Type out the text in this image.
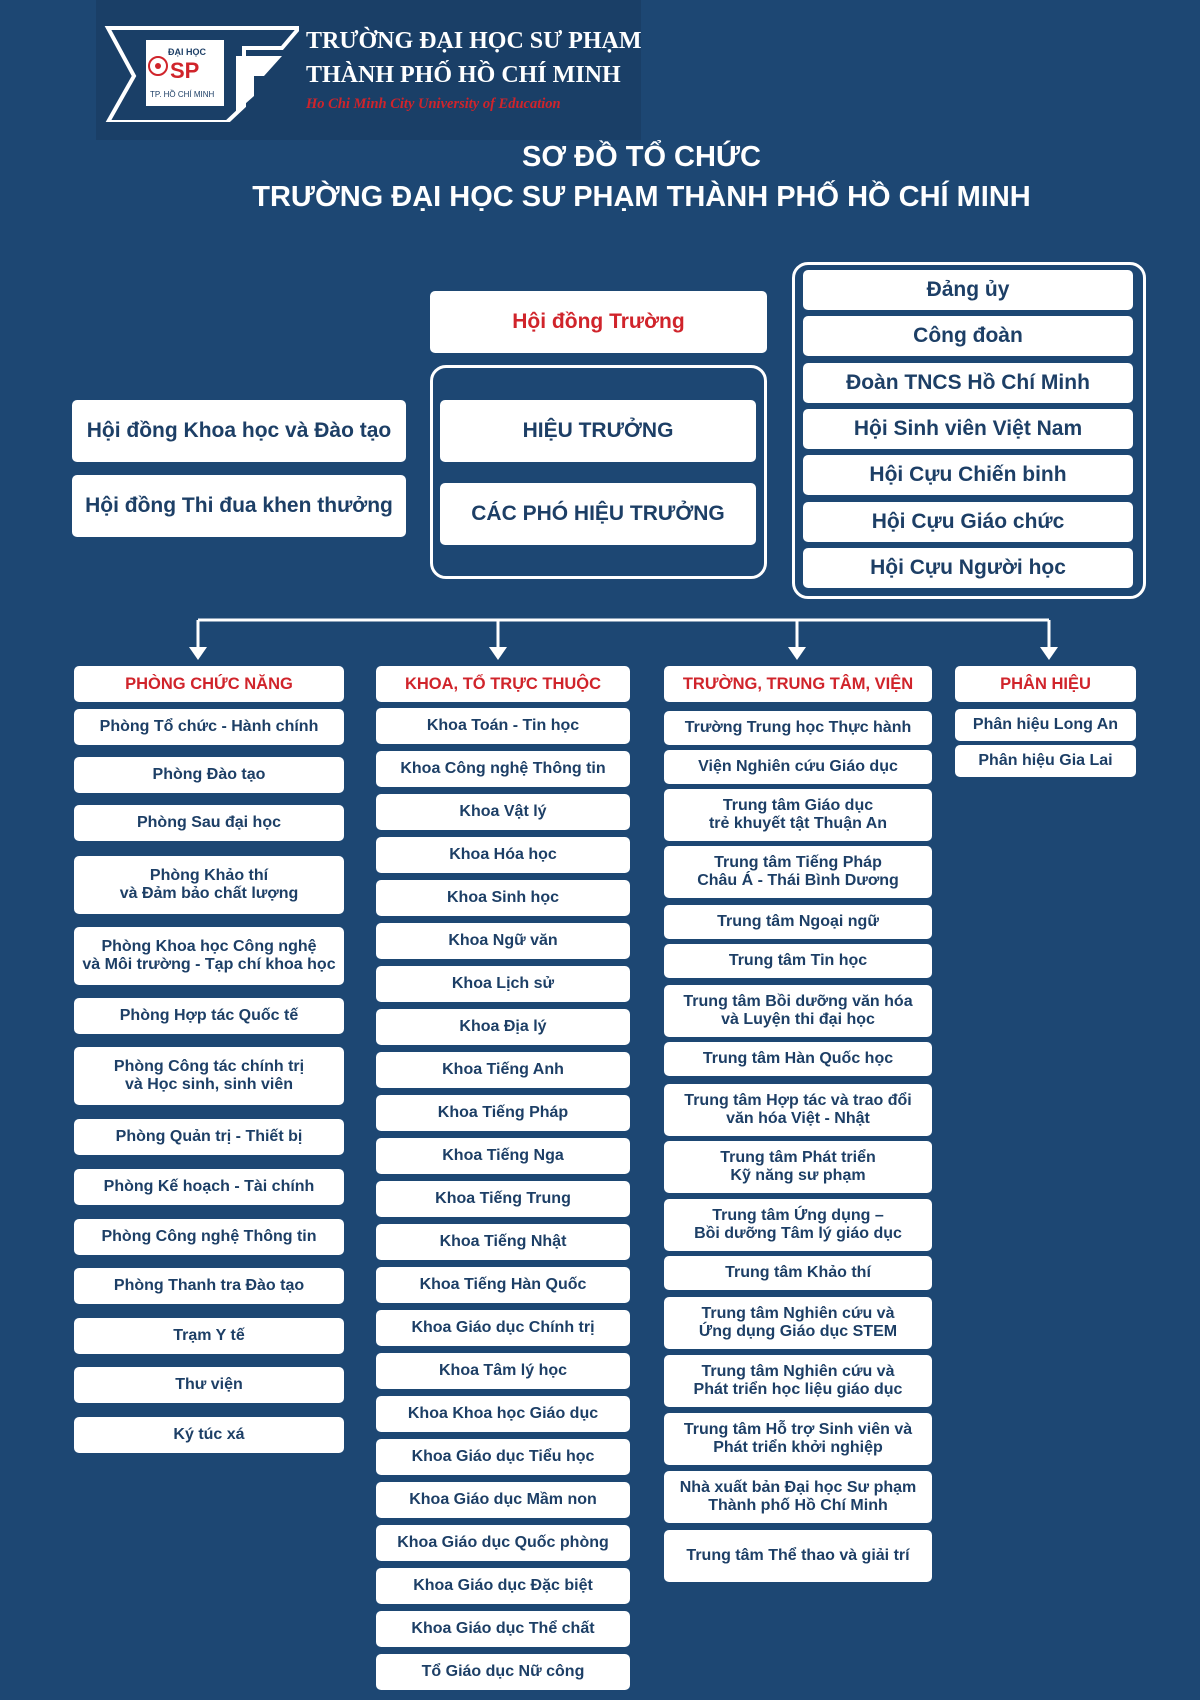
ĐẠI HỌC
SP
TP. HỒ CHÍ MINH
TRƯỜNG ĐẠI HỌC SƯ PHẠM
THÀNH PHỐ HỒ CHÍ MINH
Ho Chi Minh City University of Education
SƠ ĐỒ TỔ CHỨC
TRƯỜNG ĐẠI HỌC SƯ PHẠM THÀNH PHỐ HỒ CHÍ MINH
Hội đồng Trường
HIỆU TRƯỞNG
CÁC PHÓ HIỆU TRƯỞNG
Hội đồng Khoa học và Đào tạo
Hội đồng Thi đua khen thưởng
Đảng ủy
Công đoàn
Đoàn TNCS Hồ Chí Minh
Hội Sinh viên Việt Nam
Hội Cựu Chiến binh
Hội Cựu Giáo chức
Hội Cựu Người học
PHÒNG CHỨC NĂNG
Phòng Tổ chức - Hành chính
Phòng Đào tạo
Phòng Sau đại học
Phòng Khảo thí
và Đảm bảo chất lượng
Phòng Khoa học Công nghệ
và Môi trường - Tạp chí khoa học
Phòng Hợp tác Quốc tế
Phòng Công tác chính trị
và Học sinh, sinh viên
Phòng Quản trị - Thiết bị
Phòng Kế hoạch - Tài chính
Phòng Công nghệ Thông tin
Phòng Thanh tra Đào tạo
Trạm Y tế
Thư viện
Ký túc xá
KHOA, TỔ TRỰC THUỘC
Khoa Toán - Tin học
Khoa Công nghệ Thông tin
Khoa Vật lý
Khoa Hóa học
Khoa Sinh học
Khoa Ngữ văn
Khoa Lịch sử
Khoa Địa lý
Khoa Tiếng Anh
Khoa Tiếng Pháp
Khoa Tiếng Nga
Khoa Tiếng Trung
Khoa Tiếng Nhật
Khoa Tiếng Hàn Quốc
Khoa Giáo dục Chính trị
Khoa Tâm lý học
Khoa Khoa học Giáo dục
Khoa Giáo dục Tiểu học
Khoa Giáo dục Mầm non
Khoa Giáo dục Quốc phòng
Khoa Giáo dục Đặc biệt
Khoa Giáo dục Thể chất
Tổ Giáo dục Nữ công
TRƯỜNG, TRUNG TÂM, VIỆN
Trường Trung học Thực hành
Viện Nghiên cứu Giáo dục
Trung tâm Giáo dục
trẻ khuyết tật Thuận An
Trung tâm Tiếng Pháp
Châu Á - Thái Bình Dương
Trung tâm Ngoại ngữ
Trung tâm Tin học
Trung tâm Bồi dưỡng văn hóa
và Luyện thi đại học
Trung tâm Hàn Quốc học
Trung tâm Hợp tác và trao đổi
văn hóa Việt - Nhật
Trung tâm Phát triển
Kỹ năng sư phạm
Trung tâm Ứng dụng –
Bồi dưỡng Tâm lý giáo dục
Trung tâm Khảo thí
Trung tâm Nghiên cứu và
Ứng dụng Giáo dục STEM
Trung tâm Nghiên cứu và
Phát triển học liệu giáo dục
Trung tâm Hỗ trợ Sinh viên và
Phát triển khởi nghiệp
Nhà xuất bản Đại học Sư phạm
Thành phố Hồ Chí Minh
Trung tâm Thể thao và giải trí
PHÂN HIỆU
Phân hiệu Long An
Phân hiệu Gia Lai
